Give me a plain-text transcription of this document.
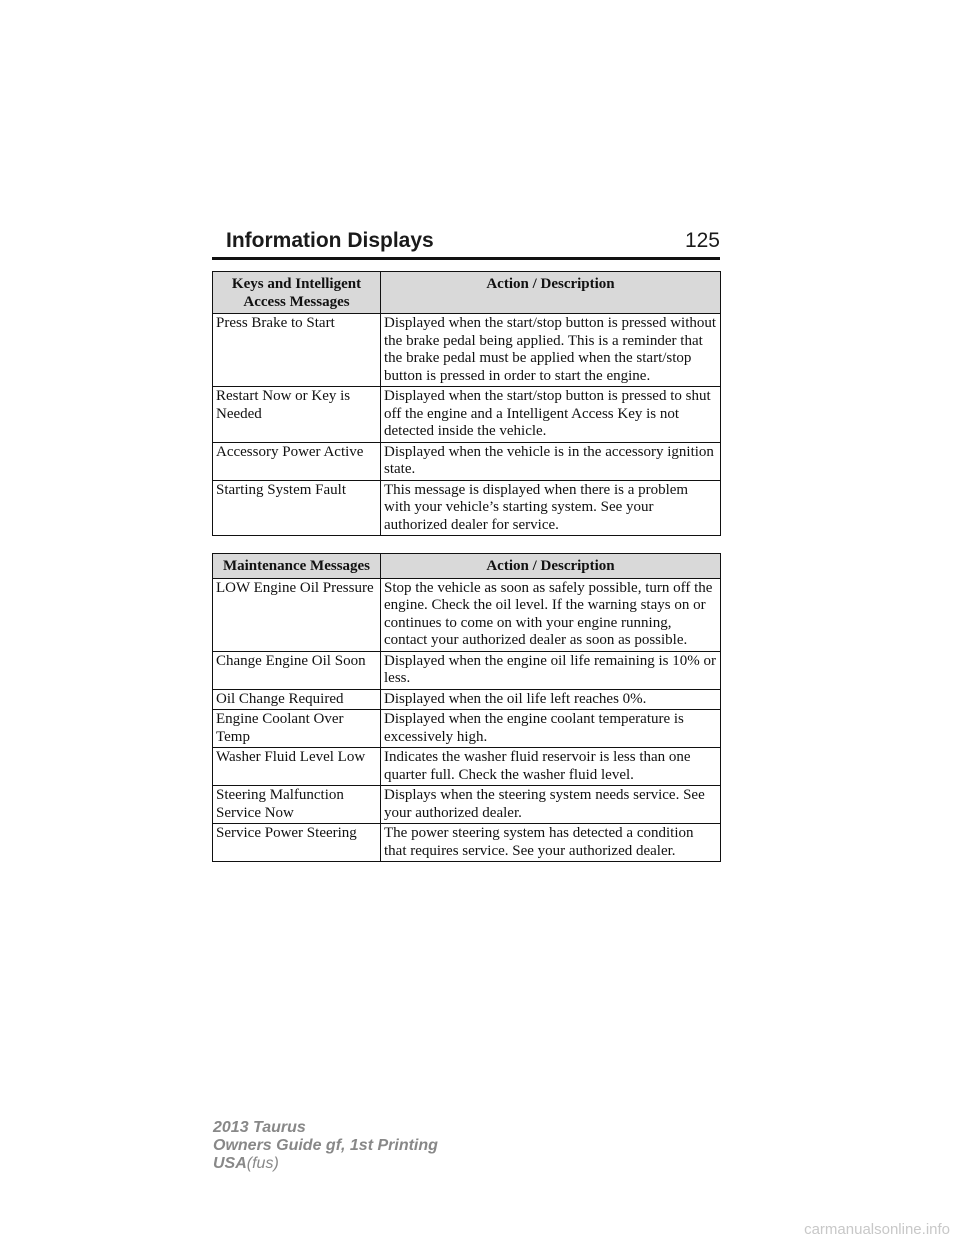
Information Displays	125
Keys and Intelligent Access Messages	Action / Description
Press Brake to Start	Displayed when the start/stop button is pressed without the brake pedal being applied. This is a reminder that the brake pedal must be applied when the start/stop button is pressed in order to start the engine.
Restart Now or Key is Needed	Displayed when the start/stop button is pressed to shut off the engine and a Intelligent Access Key is not detected inside the vehicle.
Accessory Power Active	Displayed when the vehicle is in the accessory ignition state.
Starting System Fault	This message is displayed when there is a problem with your vehicle’s starting system. See your authorized dealer for service.
Maintenance Messages	Action / Description
LOW Engine Oil Pressure	Stop the vehicle as soon as safely possible, turn off the engine. Check the oil level. If the warning stays on or continues to come on with your engine running, contact your authorized dealer as soon as possible.
Change Engine Oil Soon	Displayed when the engine oil life remaining is 10% or less.
Oil Change Required	Displayed when the oil life left reaches 0%.
Engine Coolant Over Temp	Displayed when the engine coolant temperature is excessively high.
Washer Fluid Level Low	Indicates the washer fluid reservoir is less than one quarter full. Check the washer fluid level.
Steering Malfunction Service Now	Displays when the steering system needs service. See your authorized dealer.
Service Power Steering	The power steering system has detected a condition that requires service. See your authorized dealer.
2013 Taurus
Owners Guide gf, 1st Printing
USA(fus)
carmanualsonline.info
